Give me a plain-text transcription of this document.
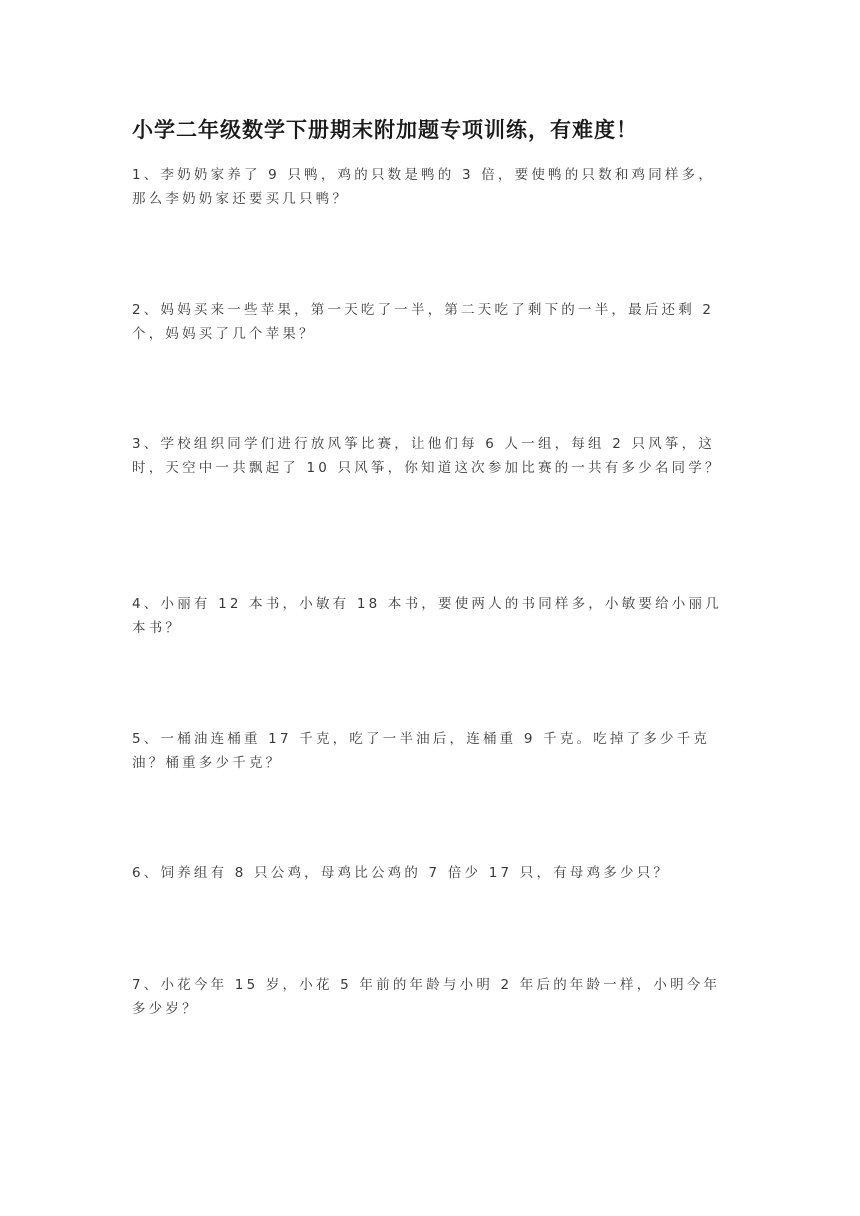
小学二年级数学下册期末附加题专项训练，有难度！
1、李奶奶家养了 9 只鸭，鸡的只数是鸭的 3 倍，要使鸭的只数和鸡同样多，那么李奶奶家还要买几只鸭？
2、妈妈买来一些苹果，第一天吃了一半，第二天吃了剩下的一半，最后还剩 2 个，妈妈买了几个苹果？
3、学校组织同学们进行放风筝比赛，让他们每 6 人一组，每组 2 只风筝，这时，天空中一共飘起了 10 只风筝，你知道这次参加比赛的一共有多少名同学？
4、小丽有 12 本书，小敏有 18 本书，要使两人的书同样多，小敏要给小丽几本书？
5、一桶油连桶重 17 千克，吃了一半油后，连桶重 9 千克。吃掉了多少千克油？桶重多少千克？
6、饲养组有 8 只公鸡，母鸡比公鸡的 7 倍少 17 只，有母鸡多少只？
7、小花今年 15 岁，小花 5 年前的年龄与小明 2 年后的年龄一样，小明今年多少岁？
